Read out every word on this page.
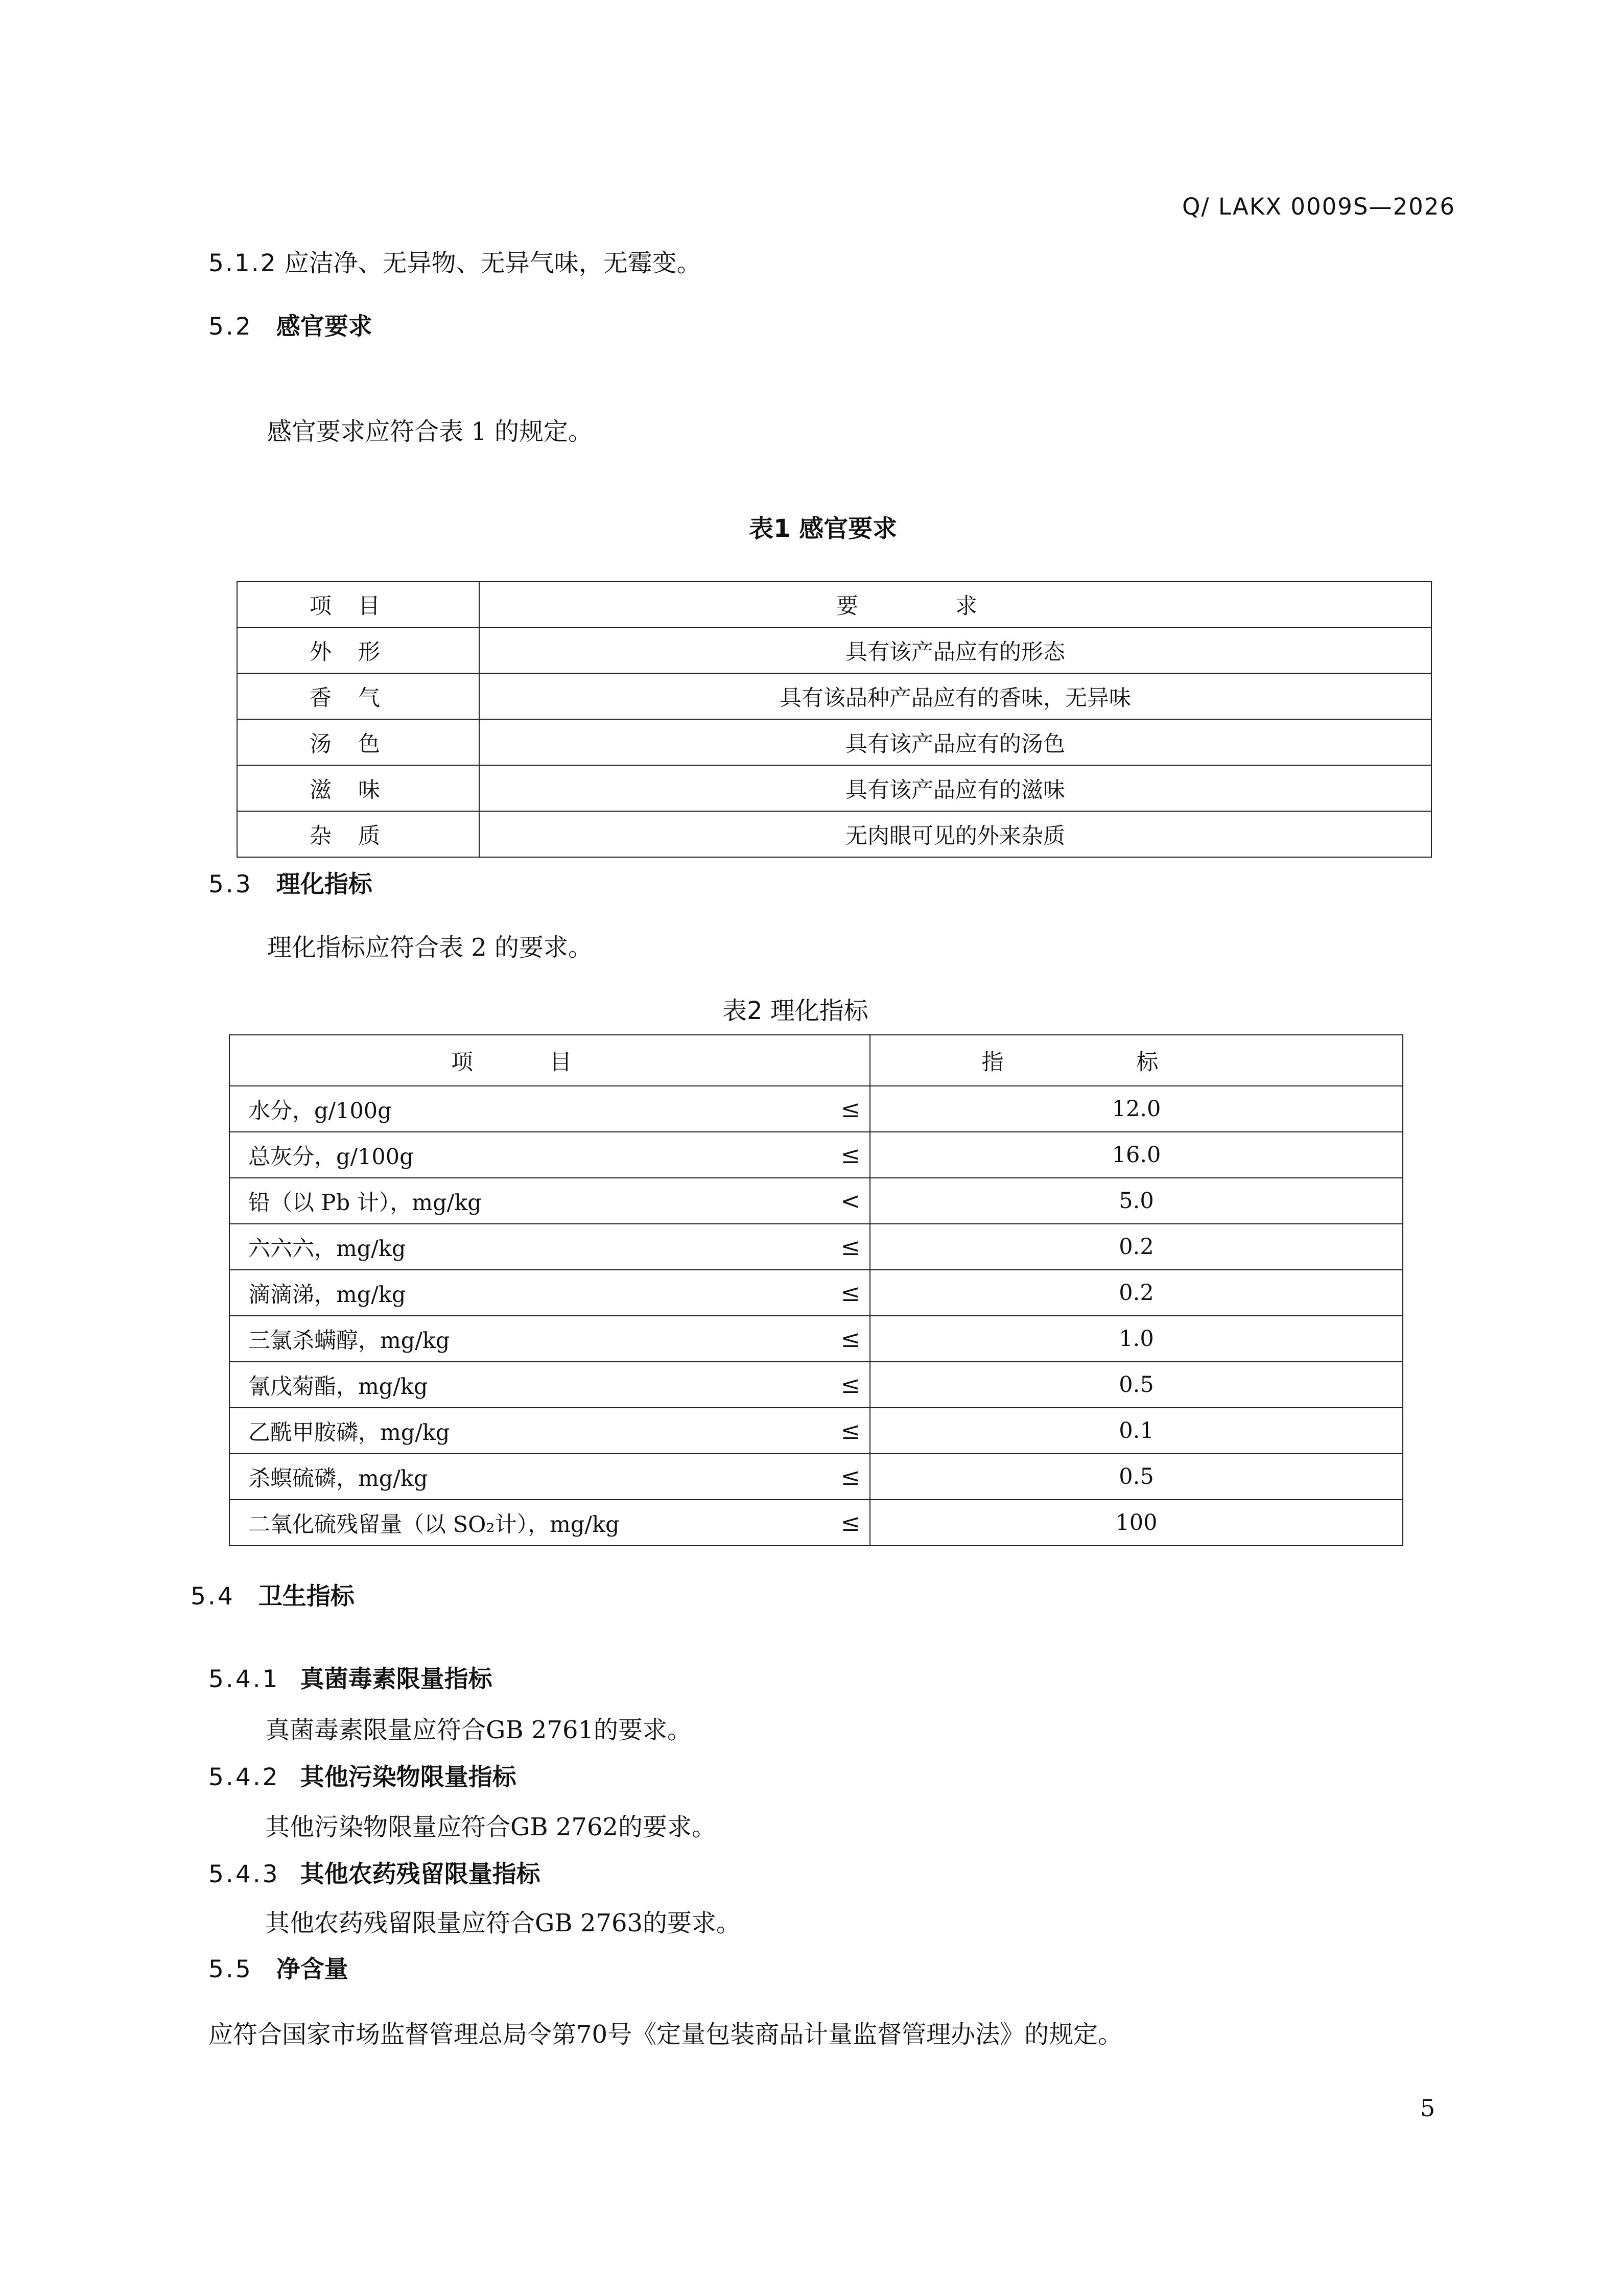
Q/ LAKX 0009S—2026
5.1.2 应洁净、无异物、无异气味，无霉变。
5.2 感官要求
感官要求应符合表 1 的规定。
表1 感官要求
项目	要求
外形	具有该产品应有的形态
香气	具有该品种产品应有的香味，无异味
汤色	具有该产品应有的汤色
滋味	具有该产品应有的滋味
杂质	无肉眼可见的外来杂质
5.3 理化指标
理化指标应符合表 2 的要求。
表2 理化指标
项目	指标
水分，g/100g ≤	12.0
总灰分，g/100g ≤	16.0
铅（以 Pb 计），mg/kg <	5.0
六六六，mg/kg ≤	0.2
滴滴涕，mg/kg ≤	0.2
三氯杀螨醇，mg/kg ≤	1.0
氰戊菊酯，mg/kg ≤	0.5
乙酰甲胺磷，mg/kg ≤	0.1
杀螟硫磷，mg/kg ≤	0.5
二氧化硫残留量（以 SO₂计），mg/kg ≤	100
5.4 卫生指标
5.4.1 真菌毒素限量指标
真菌毒素限量应符合GB 2761的要求。
5.4.2 其他污染物限量指标
其他污染物限量应符合GB 2762的要求。
5.4.3 其他农药残留限量指标
其他农药残留限量应符合GB 2763的要求。
5.5 净含量
应符合国家市场监督管理总局令第70号《定量包装商品计量监督管理办法》的规定。
5
